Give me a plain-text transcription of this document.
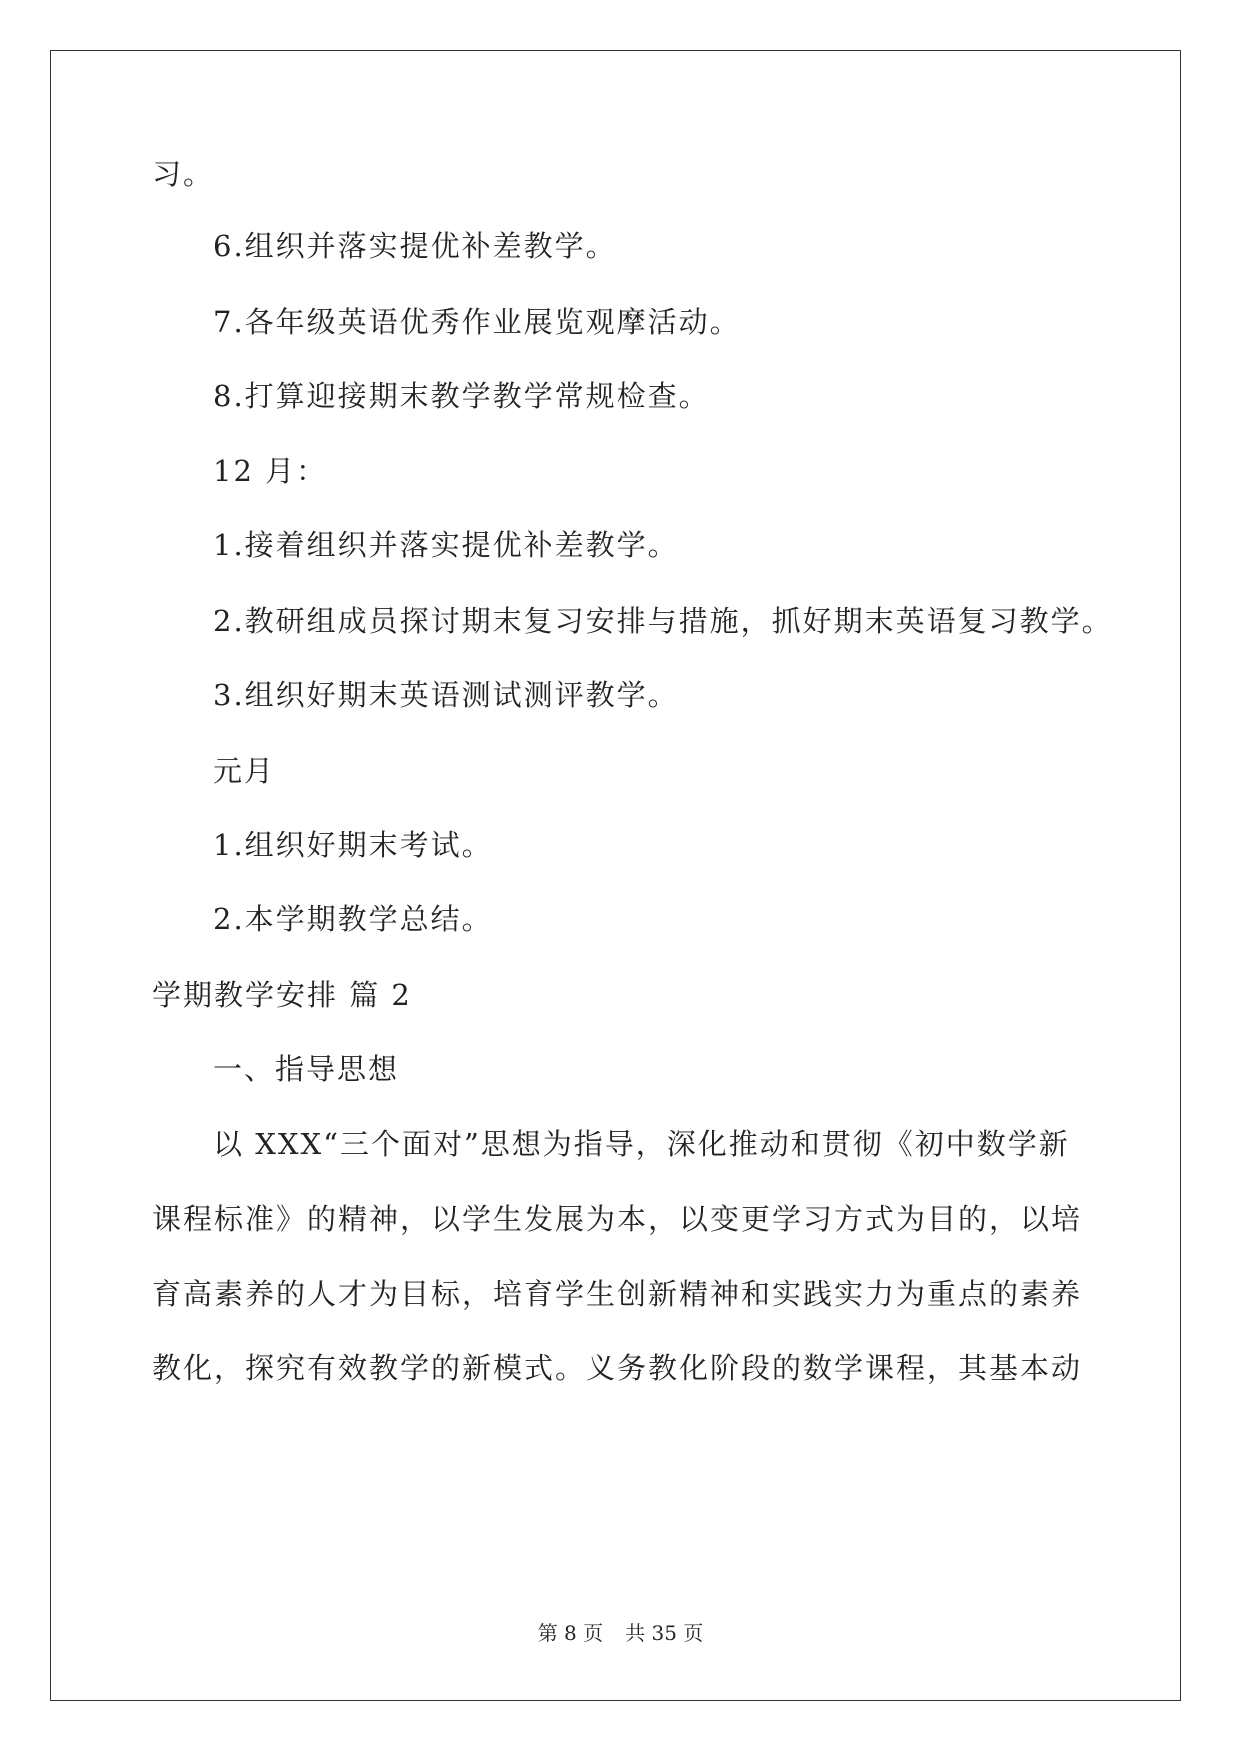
习。
6.组织并落实提优补差教学。
7.各年级英语优秀作业展览观摩活动。
8.打算迎接期末教学教学常规检查。
12 月：
1.接着组织并落实提优补差教学。
2.教研组成员探讨期末复习安排与措施，抓好期末英语复习教学。
3.组织好期末英语测试测评教学。
元月
1.组织好期末考试。
2.本学期教学总结。
学期教学安排 篇 2
一、指导思想
以 XXX“三个面对”思想为指导，深化推动和贯彻《初中数学新
课程标准》的精神，以学生发展为本，以变更学习方式为目的，以培
育高素养的人才为目标，培育学生创新精神和实践实力为重点的素养
教化，探究有效教学的新模式。义务教化阶段的数学课程，其基本动
第 8 页 共 35 页
